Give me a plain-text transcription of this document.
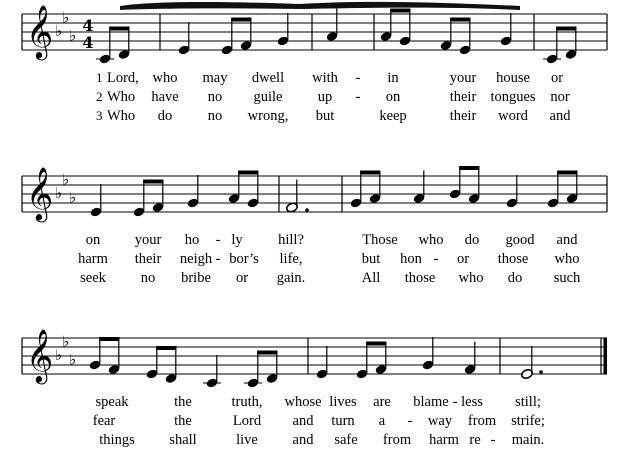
𝄞 ♭
♭
♭
𝄞 ♭
♭
♭
𝄞 ♭
♭
♭
4
4
1
2
3
Lord, who may dwell with - in	your house or
Who have no guile up - on	their tongues nor
Who do no wrong, but	keep	their word and
on your ho - ly hill?	Those who do good and
harm their neigh - bor’s life,	but hon - or those who
seek no bribe or gain.	All those who do such
speak	the	truth, whose lives are blame - less still;
fear	the	Lord and turn a - way from strife;
things shall	live and safe from harm re - main.
